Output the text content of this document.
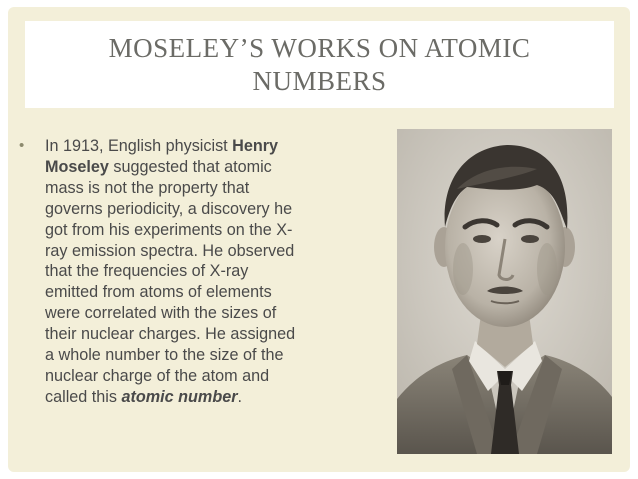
MOSELEY’S WORKS ON ATOMIC
NUMBERS
• In 1913, English physicist Henry
Moseley suggested that atomic
mass is not the property that
governs periodicity, a discovery he
got from his experiments on the X-
ray emission spectra. He observed
that the frequencies of X-ray
emitted from atoms of elements
were correlated with the sizes of
their nuclear charges. He assigned
a whole number to the size of the
nuclear charge of the atom and
called this atomic number.
